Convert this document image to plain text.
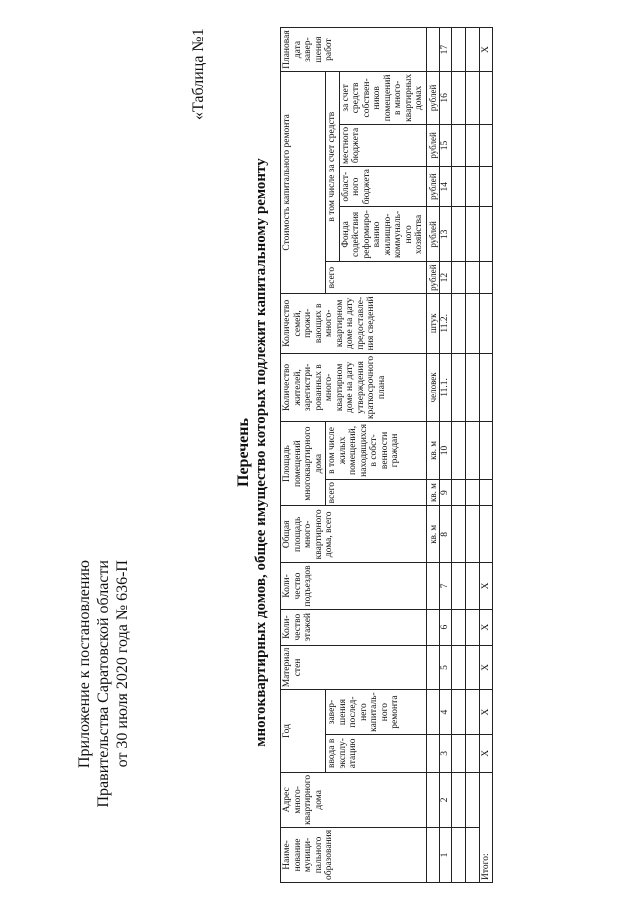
Приложение к постановлению Правительства Саратовской области от 30 июля 2020 года № 636-П
«Таблица №1
Перечень многоквартирных домов, общее имущество которых подлежит капитальному ремонту
Наиме-нование муници-пального образования	Адрес много-квартирного дома	Год		Материал стен	Коли-чество этажей	Коли-чество подъездов	Общая площадь много-квартирного дома, всего	Площадь помещений многоквартирного дома		Количество жителей, зарегистри-рованных в много-квартирном доме на дату утверждения краткосрочного плана	Количество семей, прожи-вающих в много-квартирном доме на дату предоставле-ния сведений	Стоимость капитального ремонта					Плановая дата завер-шения работ
		ввода в эксплу-атацию	завер-шения послед-него капиталь-ного ремонта					всего	в том числе жилых помещений, находящихся в собст-венности граждан			всего	в том числе за счет средств				
													Фонда содействия реформиро-ванию жилищно-коммуналь-ного хозяйства	област-ного бюджета	местного бюджета	за счет средств собствен-ников помещений в много-квартирных домах	
							кв. м	кв. м	кв. м	человек	штук	рублей	рублей	рублей	рублей	рублей	
1	2	3	4	5	6	7	8	9	10	11.1.	11.2.	12	13	14	15	16	17

Итого:		Х	Х	Х	Х	Х											Х
